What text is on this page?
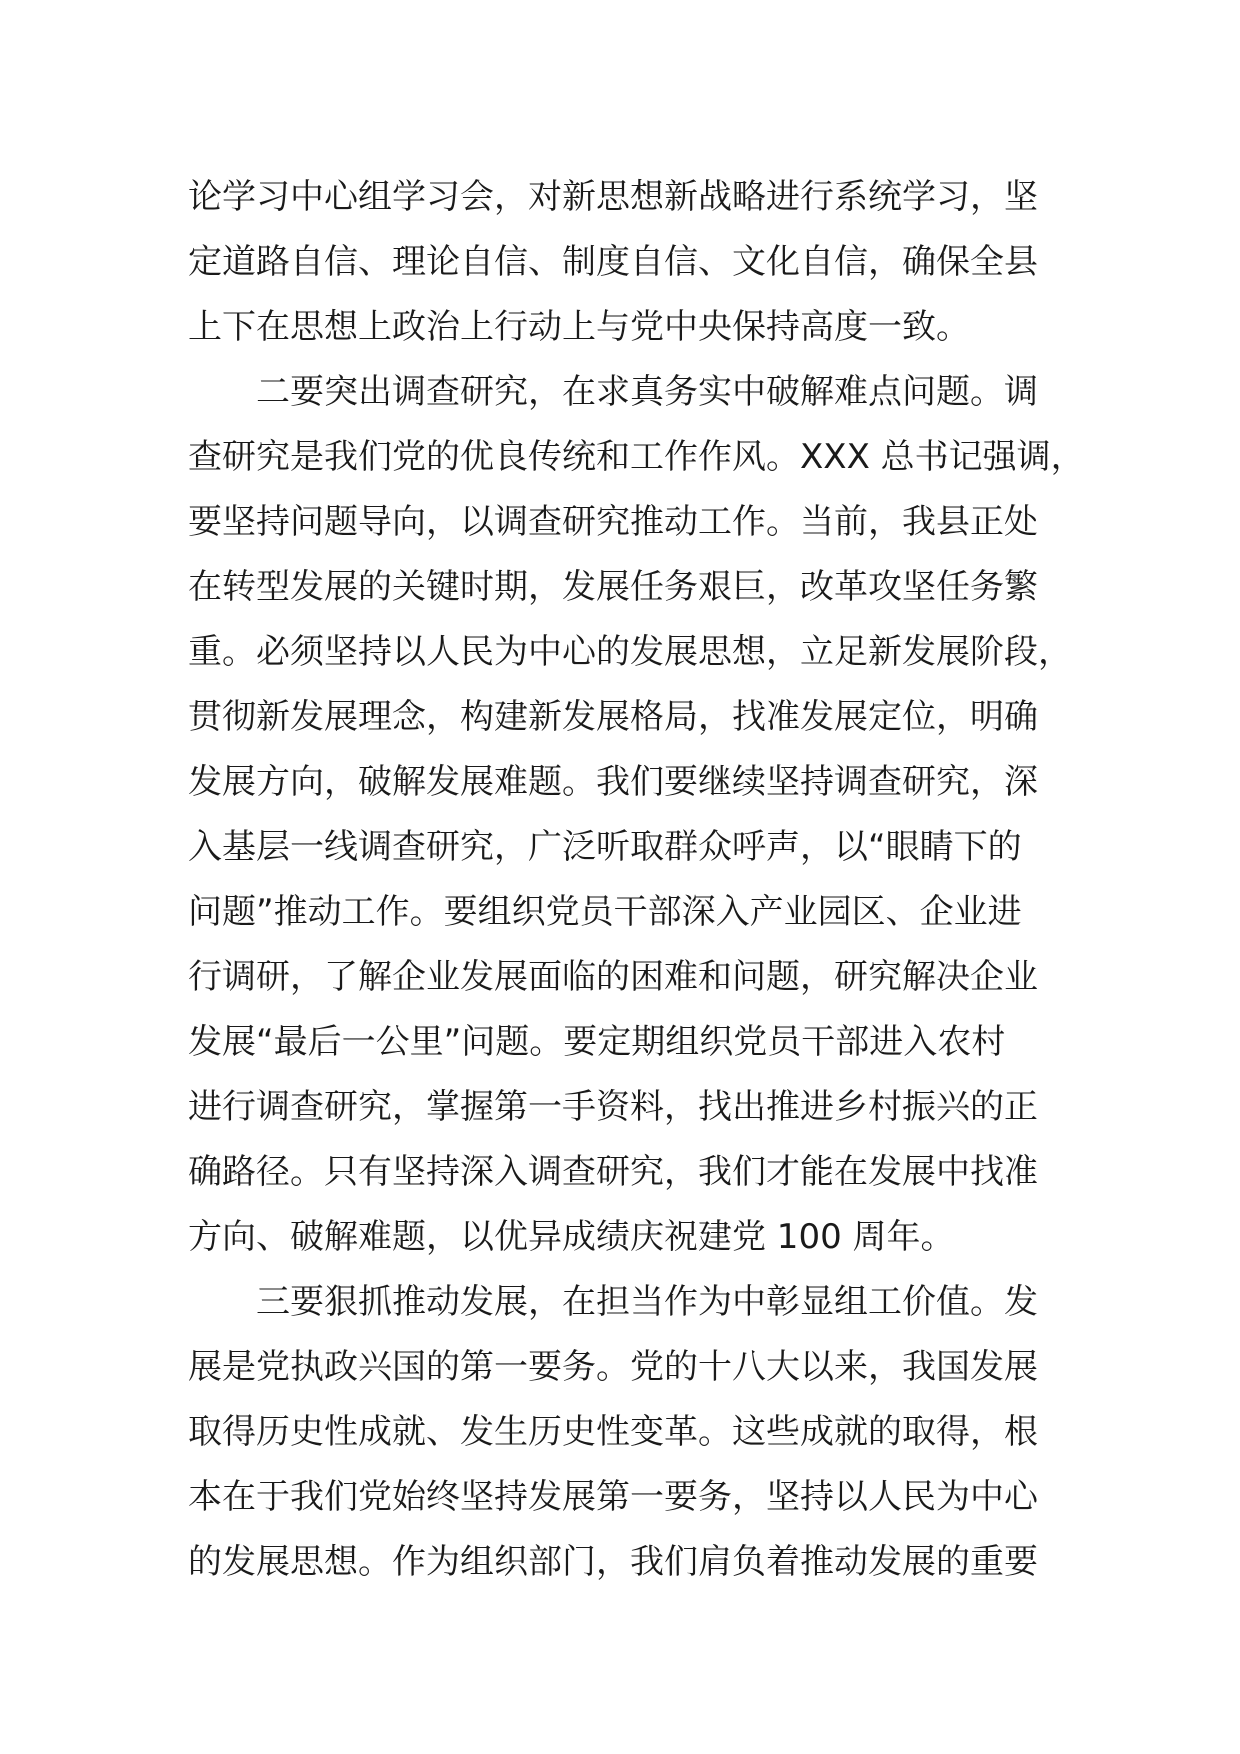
论学习中心组学习会，对新思想新战略进行系统学习，坚
定道路自信、理论自信、制度自信、文化自信，确保全县
上下在思想上政治上行动上与党中央保持高度一致。
二要突出调查研究，在求真务实中破解难点问题。调
查研究是我们党的优良传统和工作作风。XXX 总书记强调，
要坚持问题导向，以调查研究推动工作。当前，我县正处
在转型发展的关键时期，发展任务艰巨，改革攻坚任务繁
重。必须坚持以人民为中心的发展思想，立足新发展阶段，
贯彻新发展理念，构建新发展格局，找准发展定位，明确
发展方向，破解发展难题。我们要继续坚持调查研究，深
入基层一线调查研究，广泛听取群众呼声，以“眼睛下的
问题”推动工作。要组织党员干部深入产业园区、企业进
行调研，了解企业发展面临的困难和问题，研究解决企业
发展“最后一公里”问题。要定期组织党员干部进入农村
进行调查研究，掌握第一手资料，找出推进乡村振兴的正
确路径。只有坚持深入调查研究，我们才能在发展中找准
方向、破解难题，以优异成绩庆祝建党 100 周年。
三要狠抓推动发展，在担当作为中彰显组工价值。发
展是党执政兴国的第一要务。党的十八大以来，我国发展
取得历史性成就、发生历史性变革。这些成就的取得，根
本在于我们党始终坚持发展第一要务，坚持以人民为中心
的发展思想。作为组织部门，我们肩负着推动发展的重要
